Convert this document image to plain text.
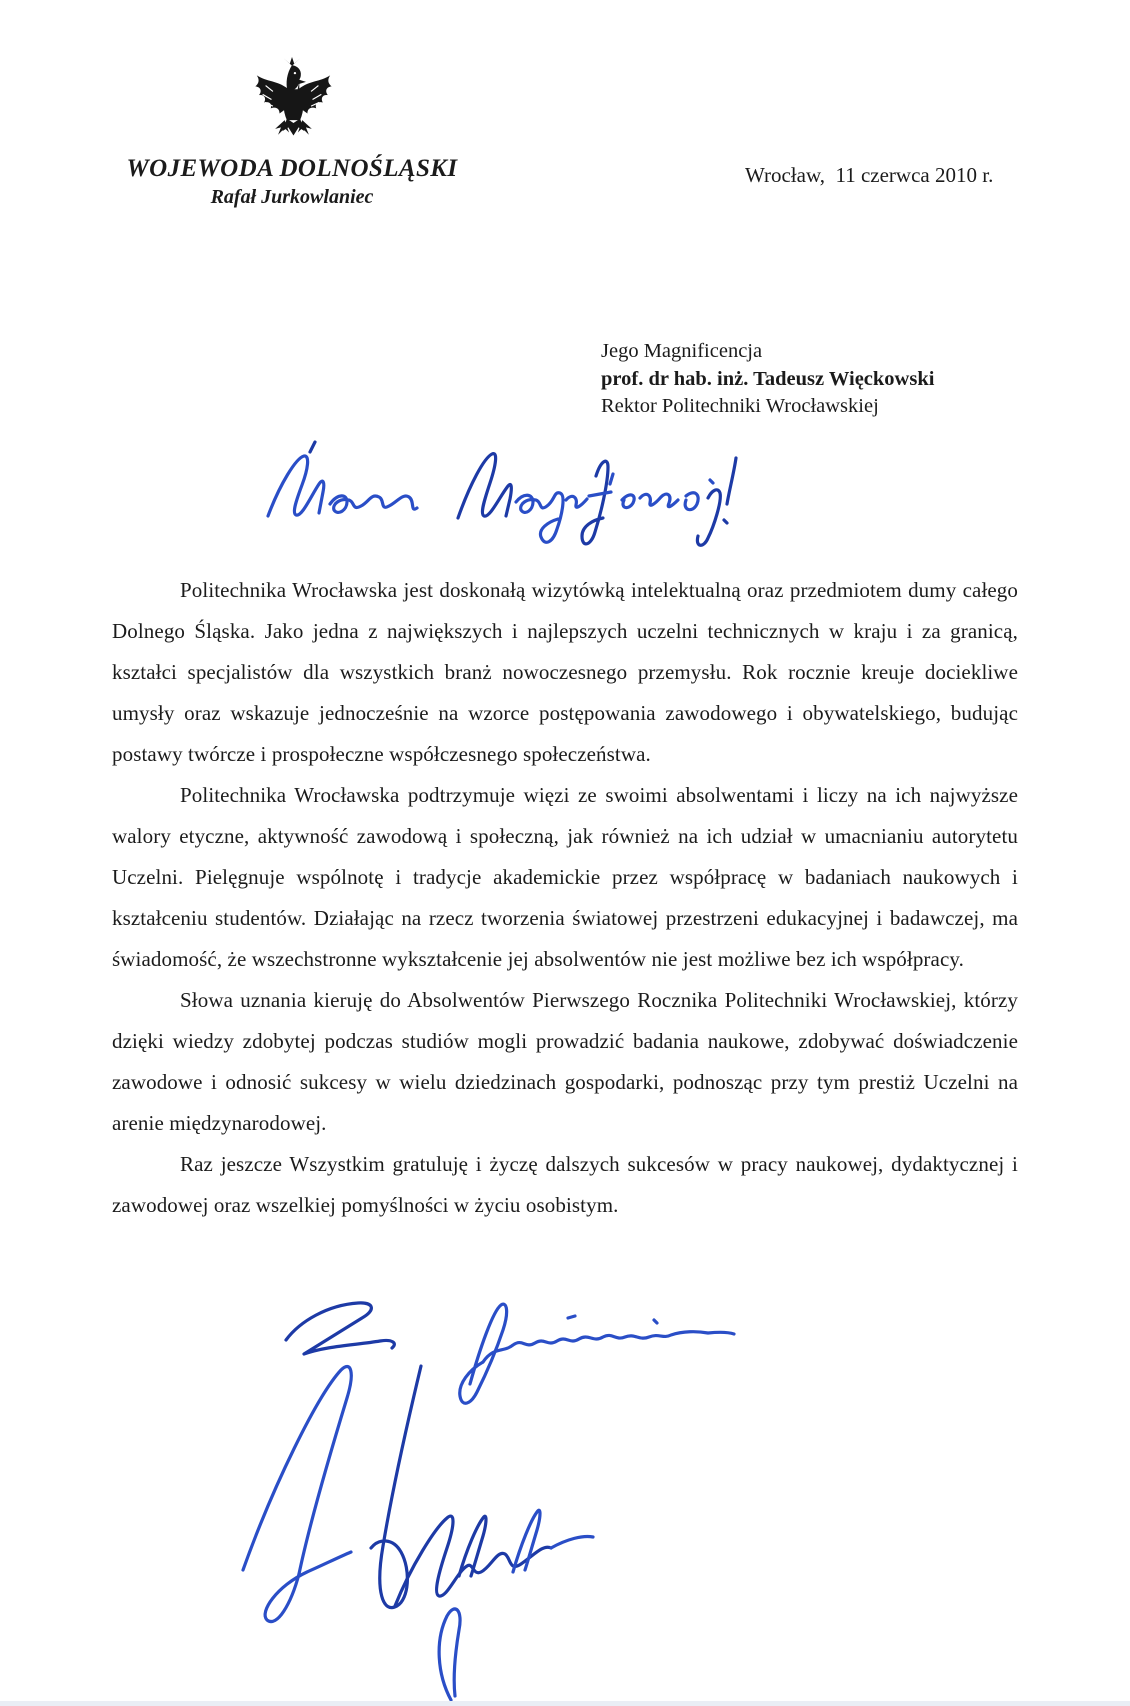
WOJEWODA DOLNOŚLĄSKI
Rafał Jurkowlaniec
Wrocław,  11 czerwca 2010 r.
Jego Magnificencja
prof. dr hab. inż. Tadeusz Więckowski
Rektor Politechniki Wrocławskiej

Politechnika Wrocławska jest doskonałą wizytówką intelektualną oraz przedmiotem dumy całego Dolnego Śląska. Jako jedna z największych i najlepszych uczelni technicznych w kraju i za granicą, kształci specjalistów dla wszystkich branż nowoczesnego przemysłu. Rok rocznie kreuje dociekliwe umysły oraz wskazuje jednocześnie na wzorce postępowania zawodowego i obywatelskiego, budując postawy twórcze i prospołeczne współczesnego społeczeństwa.

Politechnika Wrocławska podtrzymuje więzi ze swoimi absolwentami i liczy na ich najwyższe walory etyczne, aktywność zawodową i społeczną, jak również na ich udział w umacnianiu autorytetu Uczelni. Pielęgnuje wspólnotę i tradycje akademickie przez współpracę w badaniach naukowych i kształceniu studentów. Działając na rzecz tworzenia światowej przestrzeni edukacyjnej i badawczej, ma świadomość, że wszechstronne wykształcenie jej absolwentów nie jest możliwe bez ich współpracy.

Słowa uznania kieruję do Absolwentów Pierwszego Rocznika Politechniki Wrocławskiej, którzy dzięki wiedzy zdobytej podczas studiów mogli prowadzić badania naukowe, zdobywać doświadczenie zawodowe i odnosić sukcesy w wielu dziedzinach gospodarki, podnosząc przy tym prestiż Uczelni na arenie międzynarodowej.

Raz jeszcze Wszystkim gratuluję i życzę dalszych sukcesów w pracy naukowej, dydaktycznej i zawodowej oraz wszelkiej pomyślności w życiu osobistym.
